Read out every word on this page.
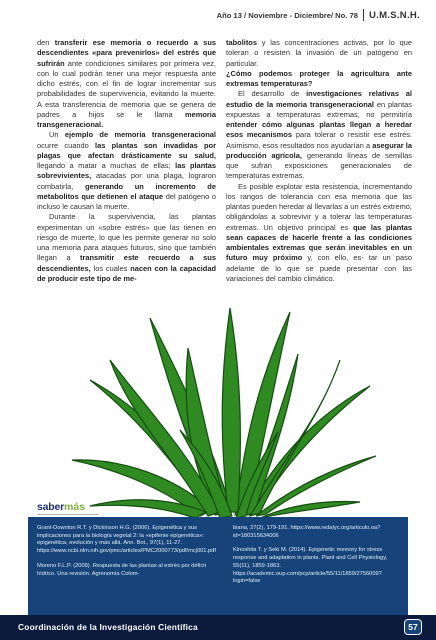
Año 13 / Noviembre - Diciembre/ No. 78	U.M.S.N.H.

den transferir ese memoria o recuerdo a sus descendientes «para prevenirlos» del estrés que sufrirán ante condiciones similares por primera vez, con lo cual podrán tener una mejor respuesta ante dicho estrés, con el fin de lograr incrementar sus probabilidades de supervivencia, evitando la muerte. A esta transferencia de memoria que se genera de padres a hijos se le llama memoria transgeneracional.

Un ejemplo de memoria transgeneracional ocurre cuando las plantas son invadidas por plagas que afectan drásticamente su salud, llegando a matar a muchas de ellas; las plantas sobrevivientes, atacadas por una plaga, lograron combatirla, generando un incremento de metabolitos que detienen el ataque del patógeno o incluso le causan la muerte.

Durante la supervivencia, las plantas experimentan un «sobre estrés» que las tienen en riesgo de muerte, lo que les permite generar no solo una memoria para ataques futuros, sino que también llegan a transmitir este recuerdo a sus descendientes, los cuales nacen con la capacidad de producir este tipo de me-

tabolitos y las concentraciones activas, por lo que toleran o resisten la invasión de un patógeno en particular.

¿Cómo podemos proteger la agricultura ante extremas temperaturas?

El desarrollo de investigaciones relativas al estudio de la memoria transgeneracional en plantas expuestas a temperaturas extremas, no permitiría entender cómo algunas plantas llegan a heredar esos mecanismos para tolerar o resistir ese estrés. Asimismo, esos resultados nos ayudarían a asegurar la producción agrícola, generando líneas de semillas que sufran exposiciones generacionales de temperaturas extremas.

Es posible explotar esta resistencia, incrementando los rangos de tolerancia con esa memoria que las plantas pueden heredar al llevarlas a un estrés extremo, obligándolas a sobrevivir y a tolerar las temperaturas extremas. Un objetivo principal es que las plantas sean capaces de hacerle frente a las condiciones ambientales extremas que serán inevitables en un futuro muy próximo y, con ello, es- tar un paso adelante de lo que se puede presentar con las variaciones del cambio climático.

saber más

Grant-Downton R.T. y Dickinson H.G. (2006). Epigenética y sus implicaciones para la biología vegetal 2: la «epifenie epigenética»: epigenética, evolución y más allá. Ann. Bot., 97(1), 11-27. https://www.ncbi.nlm.nih.gov/pmc/articles/PMC2000773/pdf/mcj001.pdf

Moreno F.L.P. (2009). Respuesta de las plantas al estrés por déficit hídrico. Una revisión. Agronomía Colom-

biana, 27(2), 179-191. https://www.redalyc.org/articulo.oa?id=180315634006

Kinoshita T. y Seki M. (2014). Epigenetic memory for stress response and adaptation in plants. Plant and Cell Physiology, 55(11), 1859-1863. https://academic.oup.com/pcp/article/55/11/1859/2756009?login=false

Coordinación de la Investigación Científica	57
